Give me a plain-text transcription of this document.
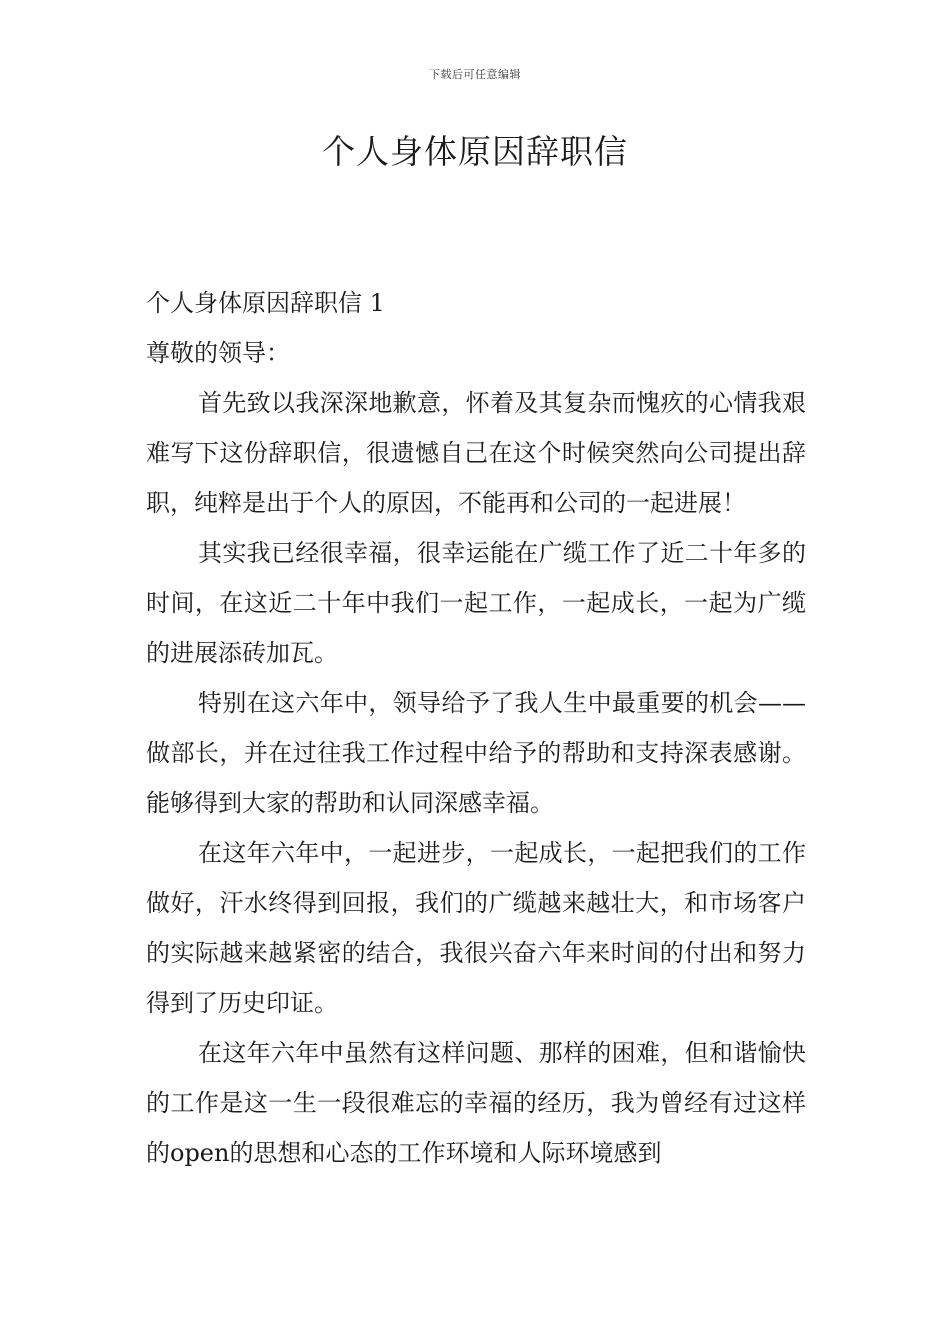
下载后可任意编辑
个人身体原因辞职信

个人身体原因辞职信 1

尊敬的领导：

首先致以我深深地歉意，怀着及其复杂而愧疚的心情我艰难写下这份辞职信，很遗憾自己在这个时候突然向公司提出辞职，纯粹是出于个人的原因，不能再和公司的一起进展！

其实我已经很幸福，很幸运能在广缆工作了近二十年多的时间，在这近二十年中我们一起工作，一起成长，一起为广缆的进展添砖加瓦。

特别在这六年中，领导给予了我人生中最重要的机会——做部长，并在过往我工作过程中给予的帮助和支持深表感谢。能够得到大家的帮助和认同深感幸福。

在这年六年中，一起进步，一起成长，一起把我们的工作做好，汗水终得到回报，我们的广缆越来越壮大，和市场客户的实际越来越紧密的结合，我很兴奋六年来时间的付出和努力得到了历史印证。

在这年六年中虽然有这样问题、那样的困难，但和谐愉快的工作是这一生一段很难忘的幸福的经历，我为曾经有过这样的open的思想和心态的工作环境和人际环境感到
